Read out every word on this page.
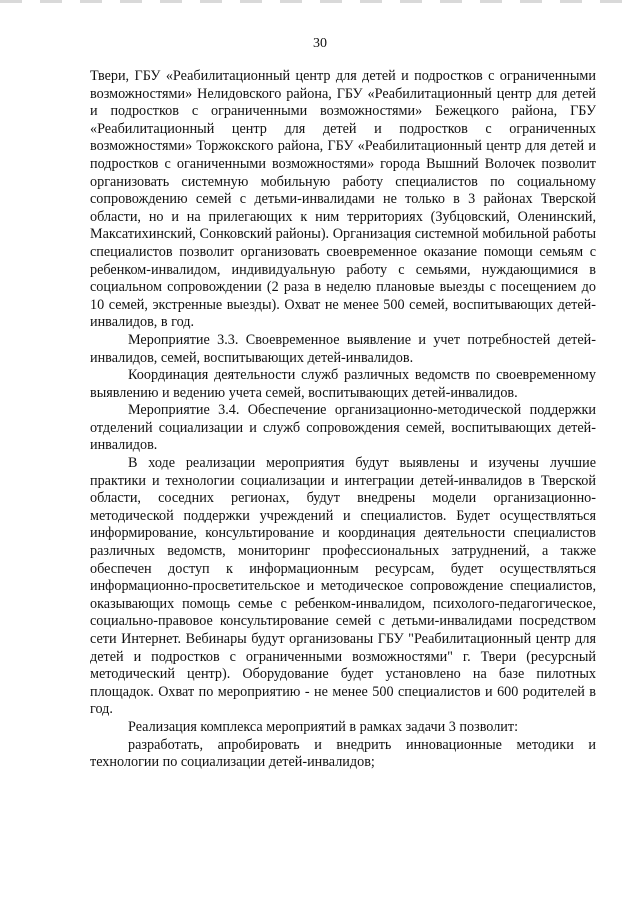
30

Твери, ГБУ «Реабилитационный центр для детей и подростков с ограниченными возможностями» Нелидовского района, ГБУ «Реабилитационный центр для детей и подростков с ограниченными возможностями» Бежецкого района, ГБУ «Реабилитационный центр для детей и подростков с ограниченных возможностями» Торжокского района, ГБУ «Реабилитационный центр для детей и подростков с оганиченными возможностями» города Вышний Волочек позволит организовать системную мобильную работу специалистов по социальному сопровождению семей с детьми-инвалидами не только в 3 районах Тверской области, но и на прилегающих к ним территориях (Зубцовский, Оленинский, Максатихинский, Сонковский районы). Организация системной мобильной работы специалистов позволит организовать своевременное оказание помощи семьям с ребенком-инвалидом, индивидуальную работу с семьями, нуждающимися в социальном сопровождении (2 раза в неделю плановые выезды с посещением до 10 семей, экстренные выезды). Охват не менее 500 семей, воспитывающих детей-инвалидов, в год.

Мероприятие 3.3. Своевременное выявление и учет потребностей детей-инвалидов, семей, воспитывающих детей-инвалидов.

Координация деятельности служб различных ведомств по своевременному выявлению и ведению учета семей, воспитывающих детей-инвалидов.

Мероприятие 3.4. Обеспечение организационно-методической поддержки отделений социализации и служб сопровождения семей, воспитывающих детей-инвалидов.

В ходе реализации мероприятия будут выявлены и изучены лучшие практики и технологии социализации и интеграции детей-инвалидов в Тверской области, соседних регионах, будут внедрены модели организационно-методической поддержки учреждений и специалистов. Будет осуществляться информирование, консультирование и координация деятельности специалистов различных ведомств, мониторинг профессиональных затруднений, а также обеспечен доступ к информационным ресурсам, будет осуществляться информационно-просветительское и методическое сопровождение специалистов, оказывающих помощь семье с ребенком-инвалидом, психолого-педагогическое, социально-правовое консультирование семей с детьми-инвалидами посредством сети Интернет. Вебинары будут организованы ГБУ "Реабилитационный центр для детей и подростков с ограниченными возможностями" г. Твери (ресурсный методический центр). Оборудование будет установлено на базе пилотных площадок. Охват по мероприятию - не менее 500 специалистов и 600 родителей в год.

Реализация комплекса мероприятий в рамках задачи 3 позволит:

разработать, апробировать и внедрить инновационные методики и технологии по социализации детей-инвалидов;
